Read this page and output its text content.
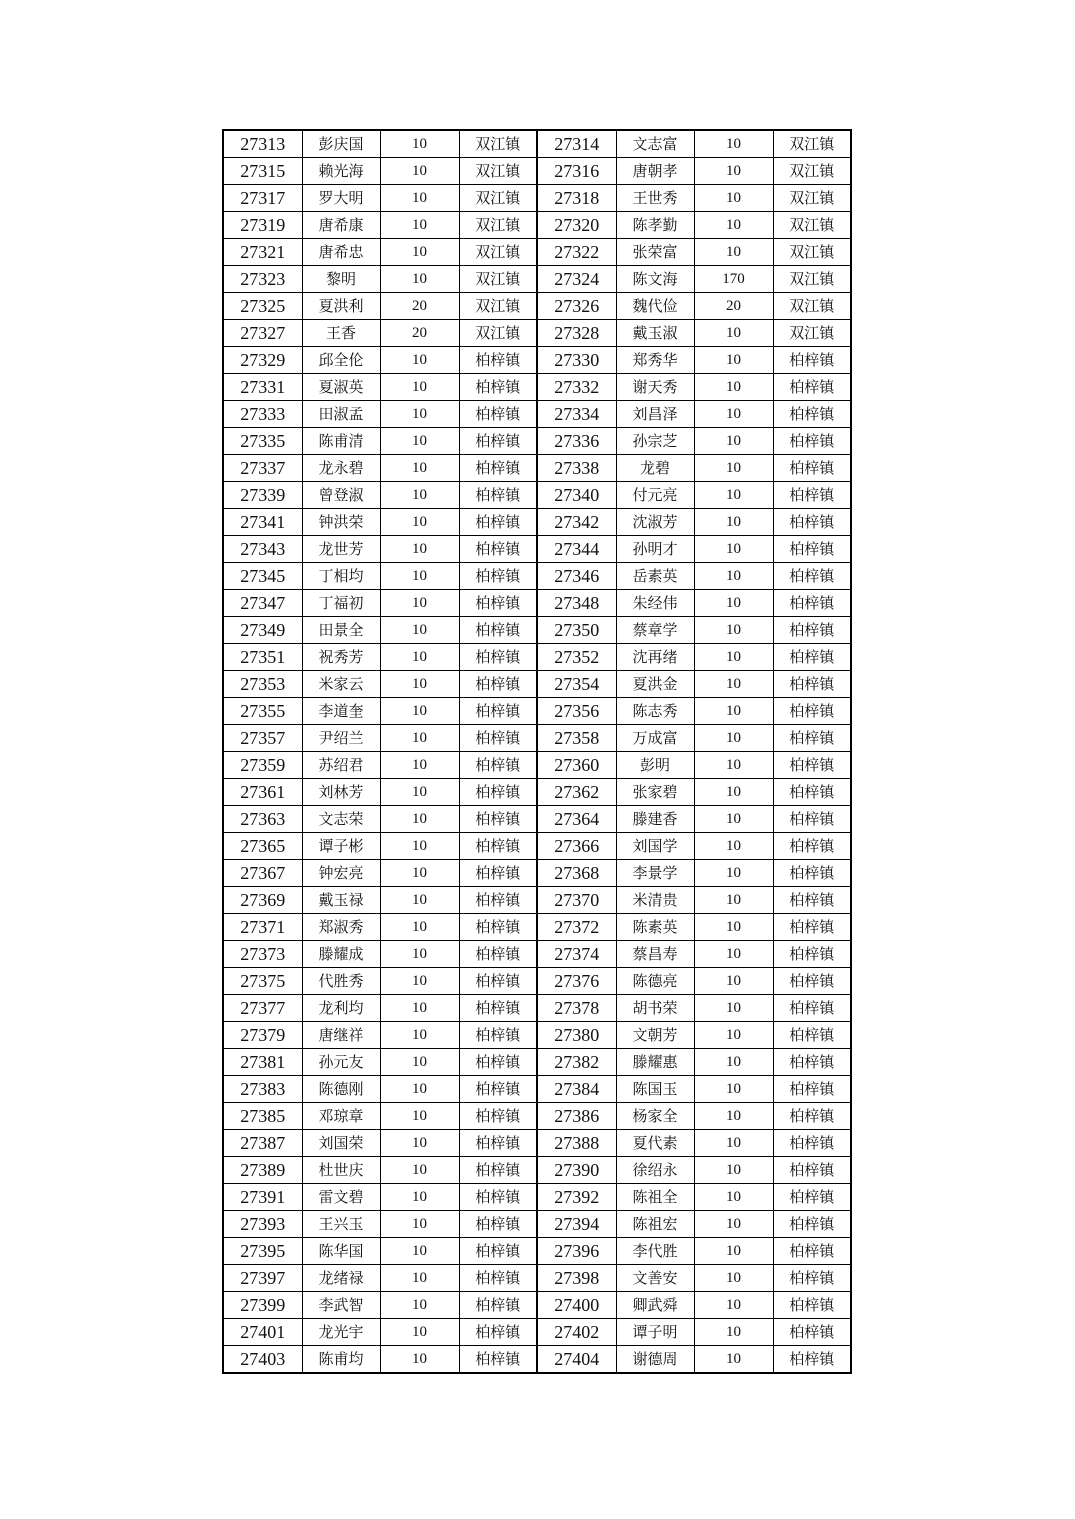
27313	彭庆国	10	双江镇	27314	文志富	10	双江镇
27315	赖光海	10	双江镇	27316	唐朝孝	10	双江镇
27317	罗大明	10	双江镇	27318	王世秀	10	双江镇
27319	唐希康	10	双江镇	27320	陈孝勤	10	双江镇
27321	唐希忠	10	双江镇	27322	张荣富	10	双江镇
27323	黎明	10	双江镇	27324	陈文海	170	双江镇
27325	夏洪利	20	双江镇	27326	魏代俭	20	双江镇
27327	王香	20	双江镇	27328	戴玉淑	10	双江镇
27329	邱全伦	10	柏梓镇	27330	郑秀华	10	柏梓镇
27331	夏淑英	10	柏梓镇	27332	谢天秀	10	柏梓镇
27333	田淑孟	10	柏梓镇	27334	刘昌泽	10	柏梓镇
27335	陈甫清	10	柏梓镇	27336	孙宗芝	10	柏梓镇
27337	龙永碧	10	柏梓镇	27338	龙碧	10	柏梓镇
27339	曾登淑	10	柏梓镇	27340	付元亮	10	柏梓镇
27341	钟洪荣	10	柏梓镇	27342	沈淑芳	10	柏梓镇
27343	龙世芳	10	柏梓镇	27344	孙明才	10	柏梓镇
27345	丁相均	10	柏梓镇	27346	岳素英	10	柏梓镇
27347	丁福初	10	柏梓镇	27348	朱经伟	10	柏梓镇
27349	田景全	10	柏梓镇	27350	蔡章学	10	柏梓镇
27351	祝秀芳	10	柏梓镇	27352	沈再绪	10	柏梓镇
27353	米家云	10	柏梓镇	27354	夏洪金	10	柏梓镇
27355	李道奎	10	柏梓镇	27356	陈志秀	10	柏梓镇
27357	尹绍兰	10	柏梓镇	27358	万成富	10	柏梓镇
27359	苏绍君	10	柏梓镇	27360	彭明	10	柏梓镇
27361	刘林芳	10	柏梓镇	27362	张家碧	10	柏梓镇
27363	文志荣	10	柏梓镇	27364	滕建香	10	柏梓镇
27365	谭子彬	10	柏梓镇	27366	刘国学	10	柏梓镇
27367	钟宏亮	10	柏梓镇	27368	李景学	10	柏梓镇
27369	戴玉禄	10	柏梓镇	27370	米清贵	10	柏梓镇
27371	郑淑秀	10	柏梓镇	27372	陈素英	10	柏梓镇
27373	滕耀成	10	柏梓镇	27374	蔡昌寿	10	柏梓镇
27375	代胜秀	10	柏梓镇	27376	陈德亮	10	柏梓镇
27377	龙利均	10	柏梓镇	27378	胡书荣	10	柏梓镇
27379	唐继祥	10	柏梓镇	27380	文朝芳	10	柏梓镇
27381	孙元友	10	柏梓镇	27382	滕耀惠	10	柏梓镇
27383	陈德刚	10	柏梓镇	27384	陈国玉	10	柏梓镇
27385	邓琼章	10	柏梓镇	27386	杨家全	10	柏梓镇
27387	刘国荣	10	柏梓镇	27388	夏代素	10	柏梓镇
27389	杜世庆	10	柏梓镇	27390	徐绍永	10	柏梓镇
27391	雷文碧	10	柏梓镇	27392	陈祖全	10	柏梓镇
27393	王兴玉	10	柏梓镇	27394	陈祖宏	10	柏梓镇
27395	陈华国	10	柏梓镇	27396	李代胜	10	柏梓镇
27397	龙绪禄	10	柏梓镇	27398	文善安	10	柏梓镇
27399	李武智	10	柏梓镇	27400	卿武舜	10	柏梓镇
27401	龙光宇	10	柏梓镇	27402	谭子明	10	柏梓镇
27403	陈甫均	10	柏梓镇	27404	谢德周	10	柏梓镇
